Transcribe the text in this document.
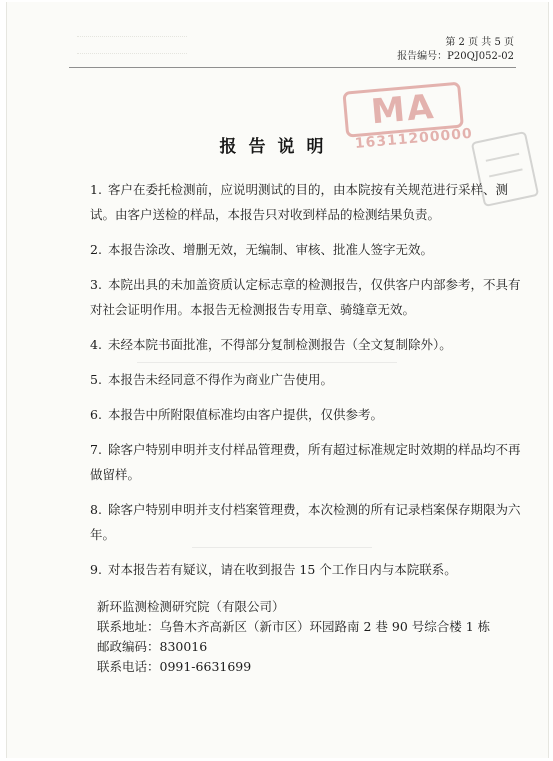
第 2 页 共 5 页
报告编号：P20QJ052-02
MA
16311200000
报告说明
1. 客户在委托检测前，应说明测试的目的，由本院按有关规范进行采样、测试。由客户送检的样品，本报告只对收到样品的检测结果负责。
2. 本报告涂改、增删无效，无编制、审核、批准人签字无效。
3. 本院出具的未加盖资质认定标志章的检测报告，仅供客户内部参考，不具有对社会证明作用。本报告无检测报告专用章、骑缝章无效。
4. 未经本院书面批准，不得部分复制检测报告（全文复制除外）。
5. 本报告未经同意不得作为商业广告使用。
6. 本报告中所附限值标准均由客户提供，仅供参考。
7. 除客户特别申明并支付样品管理费，所有超过标准规定时效期的样品均不再做留样。
8. 除客户特别申明并支付档案管理费，本次检测的所有记录档案保存期限为六年。
9. 对本报告若有疑议，请在收到报告 15 个工作日内与本院联系。
新环监测检测研究院（有限公司）
联系地址：乌鲁木齐高新区（新市区）环园路南 2 巷 90 号综合楼 1 栋
邮政编码：830016
联系电话：0991-6631699
